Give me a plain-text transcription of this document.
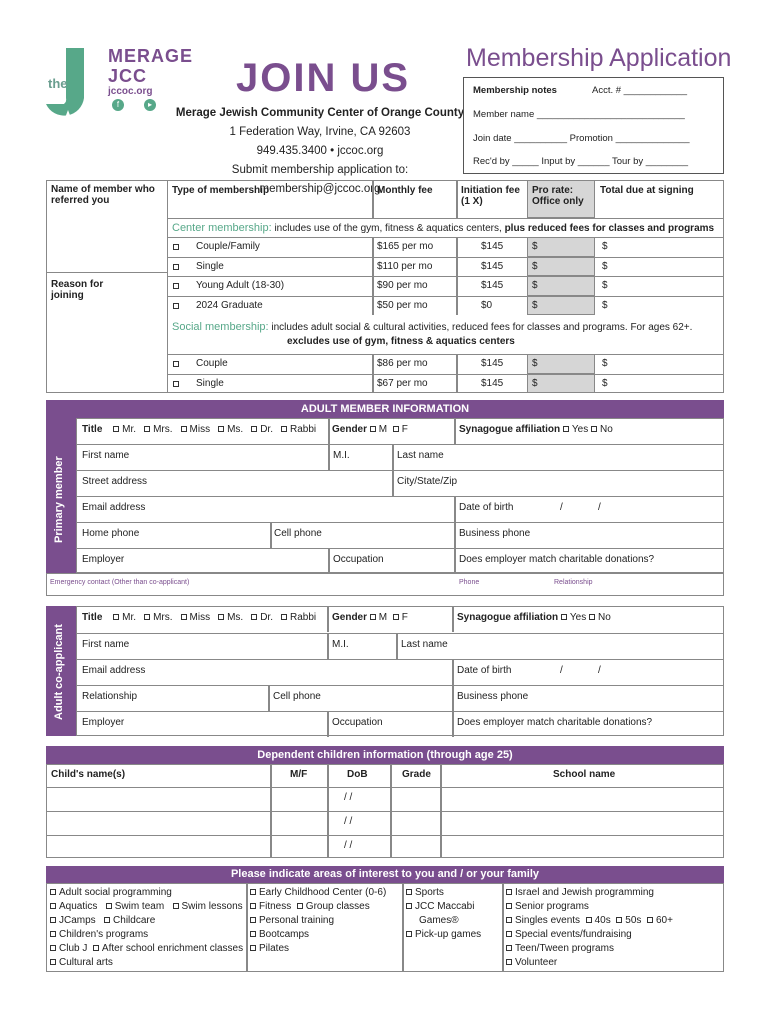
the
MERAGE
JCC
jccoc.org
f	▸
JOIN US
Merage Jewish Community Center of Orange County
1 Federation Way, Irvine, CA 92603
949.435.3400 • jccoc.org
Submit membership application to: membership@jccoc.org
Membership Application
Membership notes	Acct. # ____________
Member name ____________________________
Join date __________ Promotion ______________
Rec'd by _____ Input by ______ Tour by ________
Name of member who referred you
Reason for joining
Type of membership	Monthly fee	Initiation fee (1 X)
Pro rate: Office only
Total due at signing
Center membership: includes use of the gym, fitness & aquatics centers, plus reduced fees for classes and programs
Couple/Family	$165 per mo	$145	$	$
Single	$110 per mo	$145	$	$
Young Adult (18-30)	$90 per mo	$145	$	$
2024 Graduate	$50 per mo	$0	$	$
Social membership: includes adult social & cultural activities, reduced fees for classes and programs. For ages 62+.
excludes use of gym, fitness & aquatics centers
Couple	$86 per mo	$145	$	$
Single	$67 per mo	$145	$	$
ADULT MEMBER INFORMATION
Primary member
Title Mr. Mrs. Miss Ms. Dr. Rabbi Gender M F	Synagogue affiliation Yes No
First name	M.I.	Last name
Street address	City/State/Zip
Email address	Date of birth	/	/
Home phone	Cell phone	Business phone
Employer	Occupation	Does employer match charitable donations?
Emergency contact (Other than co-applicant)	Phone	Relationship
Adult co-applicant
Title Mr. Mrs. Miss Ms. Dr. Rabbi Gender M F	Synagogue affiliation Yes No
First name	M.I.	Last name
Email address	Date of birth	/	/
Relationship	Cell phone	Business phone
Employer	Occupation	Does employer match charitable donations?
Dependent children information (through age 25)
Child's name(s)	M/F	DoB	Grade	School name
/ /
/ /
/ /
Please indicate areas of interest to you and / or your family
Adult social programming
Aquatics Swim team Swim lessons
JCamps Childcare
Children's programs
Club J After school enrichment classes
Cultural arts
Early Childhood Center (0-6)
Fitness Group classes
Personal training
Bootcamps
Pilates
Sports
JCC Maccabi
Games®
Pick-up games
Israel and Jewish programming
Senior programs
Singles events 40s 50s 60+
Special events/fundraising
Teen/Tween programs
Volunteer
